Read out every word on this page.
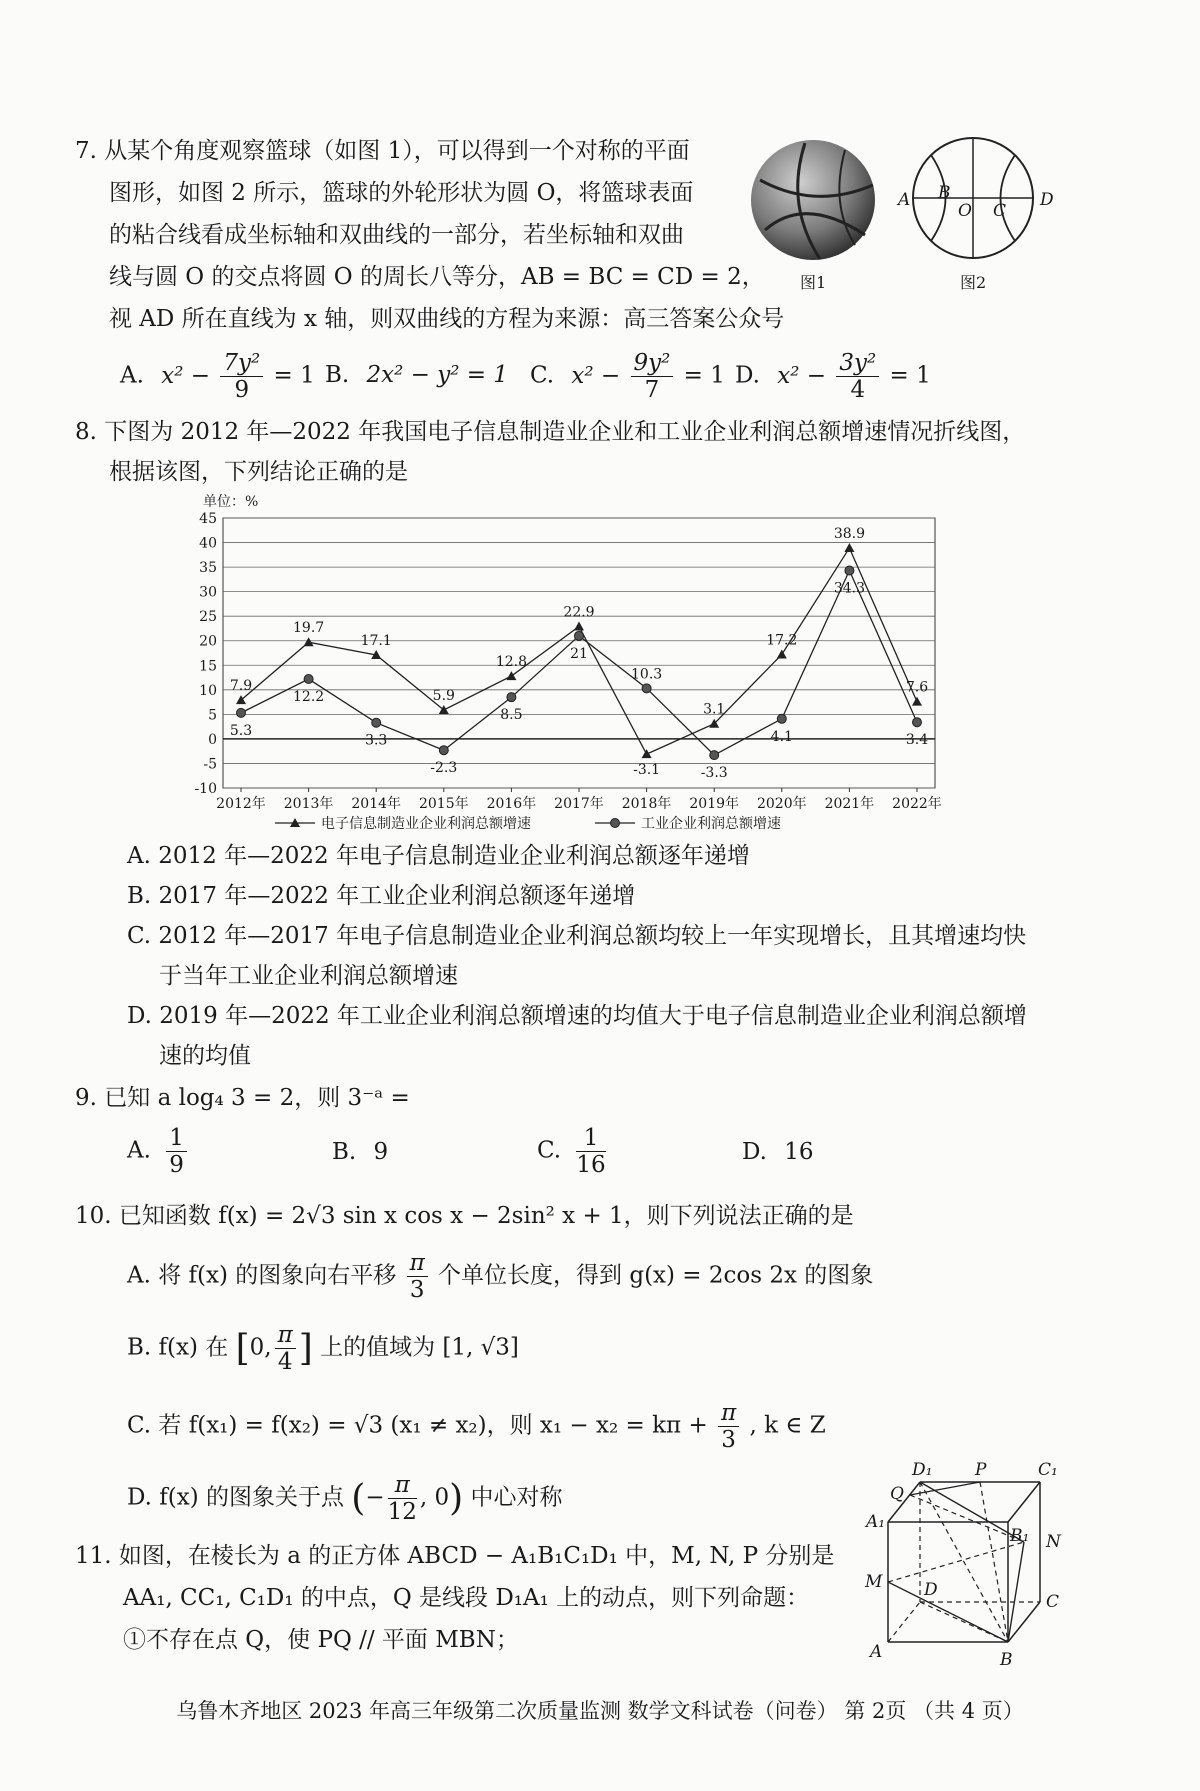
7. 从某个角度观察篮球（如图 1），可以得到一个对称的平面
图形，如图 2 所示，篮球的外轮形状为圆 O，将篮球表面
的粘合线看成坐标轴和双曲线的一部分，若坐标轴和双曲
线与圆 O 的交点将圆 O 的周长八等分，AB = BC = CD = 2，
视 AD 所在直线为 x 轴，则双曲线的方程为来源：高三答案公众号
图1
A B
O C
D
图2
A. $x^2 - \frac{\text{7y²}}{9} = 1$ B. 2x² − y² = 1 C. $x^2 - \frac{\text{9y²}}{7} = 1$ D. $x^2 - \frac{\text{3y²}}{4} = 1$
8. 下图为 2012 年—2022 年我国电子信息制造业企业和工业企业利润总额增速情况折线图，
根据该图，下列结论正确的是
单位：%
45
40
35
30
25
20
15
10
5
0
-5
-10
2012年 2013年 2014年 2015年 2016年 2017年 2018年 2019年 2020年 2021年 2022年
7.9
19.7
17.1
5.9
12.8
22.9
-3.1
3.1
17.2
38.9
7.6
5.3
12.2
3.3
-2.3
8.5
21
10.3
-3.3
4.1
34.3
3.4
电子信息制造业企业利润总额增速	工业企业利润总额增速
A. 2012 年—2022 年电子信息制造业企业利润总额逐年递增
B. 2017 年—2022 年工业企业利润总额逐年递增
C. 2012 年—2017 年电子信息制造业企业利润总额均较上一年实现增长，且其增速均快
于当年工业企业利润总额增速
D. 2019 年—2022 年工业企业利润总额增速的均值大于电子信息制造业企业利润总额增
速的均值
9. 已知 a log₄ 3 = 2，则 3⁻ᵃ =
A. $\frac{1}{9}$	B. 9	C. $\frac{1}{16}$	D. 16
10. 已知函数 f(x) = 2√3 sin x cos x − 2sin² x + 1，则下列说法正确的是
A. 将 f(x) 的图象向右平移 $\frac{\pi}{3}$ 个单位长度，得到 g(x) = 2cos 2x 的图象
B. f(x) 在 [0, $\frac{\pi}{4}$ ] 上的值域为 [1, √3]
C. 若 f(x₁) = f(x₂) = √3 (x₁ ≠ x₂)，则 $x_1 - x_2 = k\pi + \frac{\pi}{3}$ , k ∈ Z
D. f(x) 的图象关于点 (− $\frac{\pi}{12}$ , 0) 中心对称
11. 如图，在棱长为 a 的正方体 ABCD − A₁B₁C₁D₁ 中，M, N, P 分别是
AA₁, CC₁, C₁D₁ 的中点，Q 是线段 D₁A₁ 上的动点，则下列命题：
①不存在点 Q，使 PQ // 平面 MBN；
D₁	P	C₁
Q
A₁
B₁ N
M D
C
A	B
乌鲁木齐地区 2023 年高三年级第二次质量监测 数学文科试卷（问卷） 第 2页 （共 4 页）
